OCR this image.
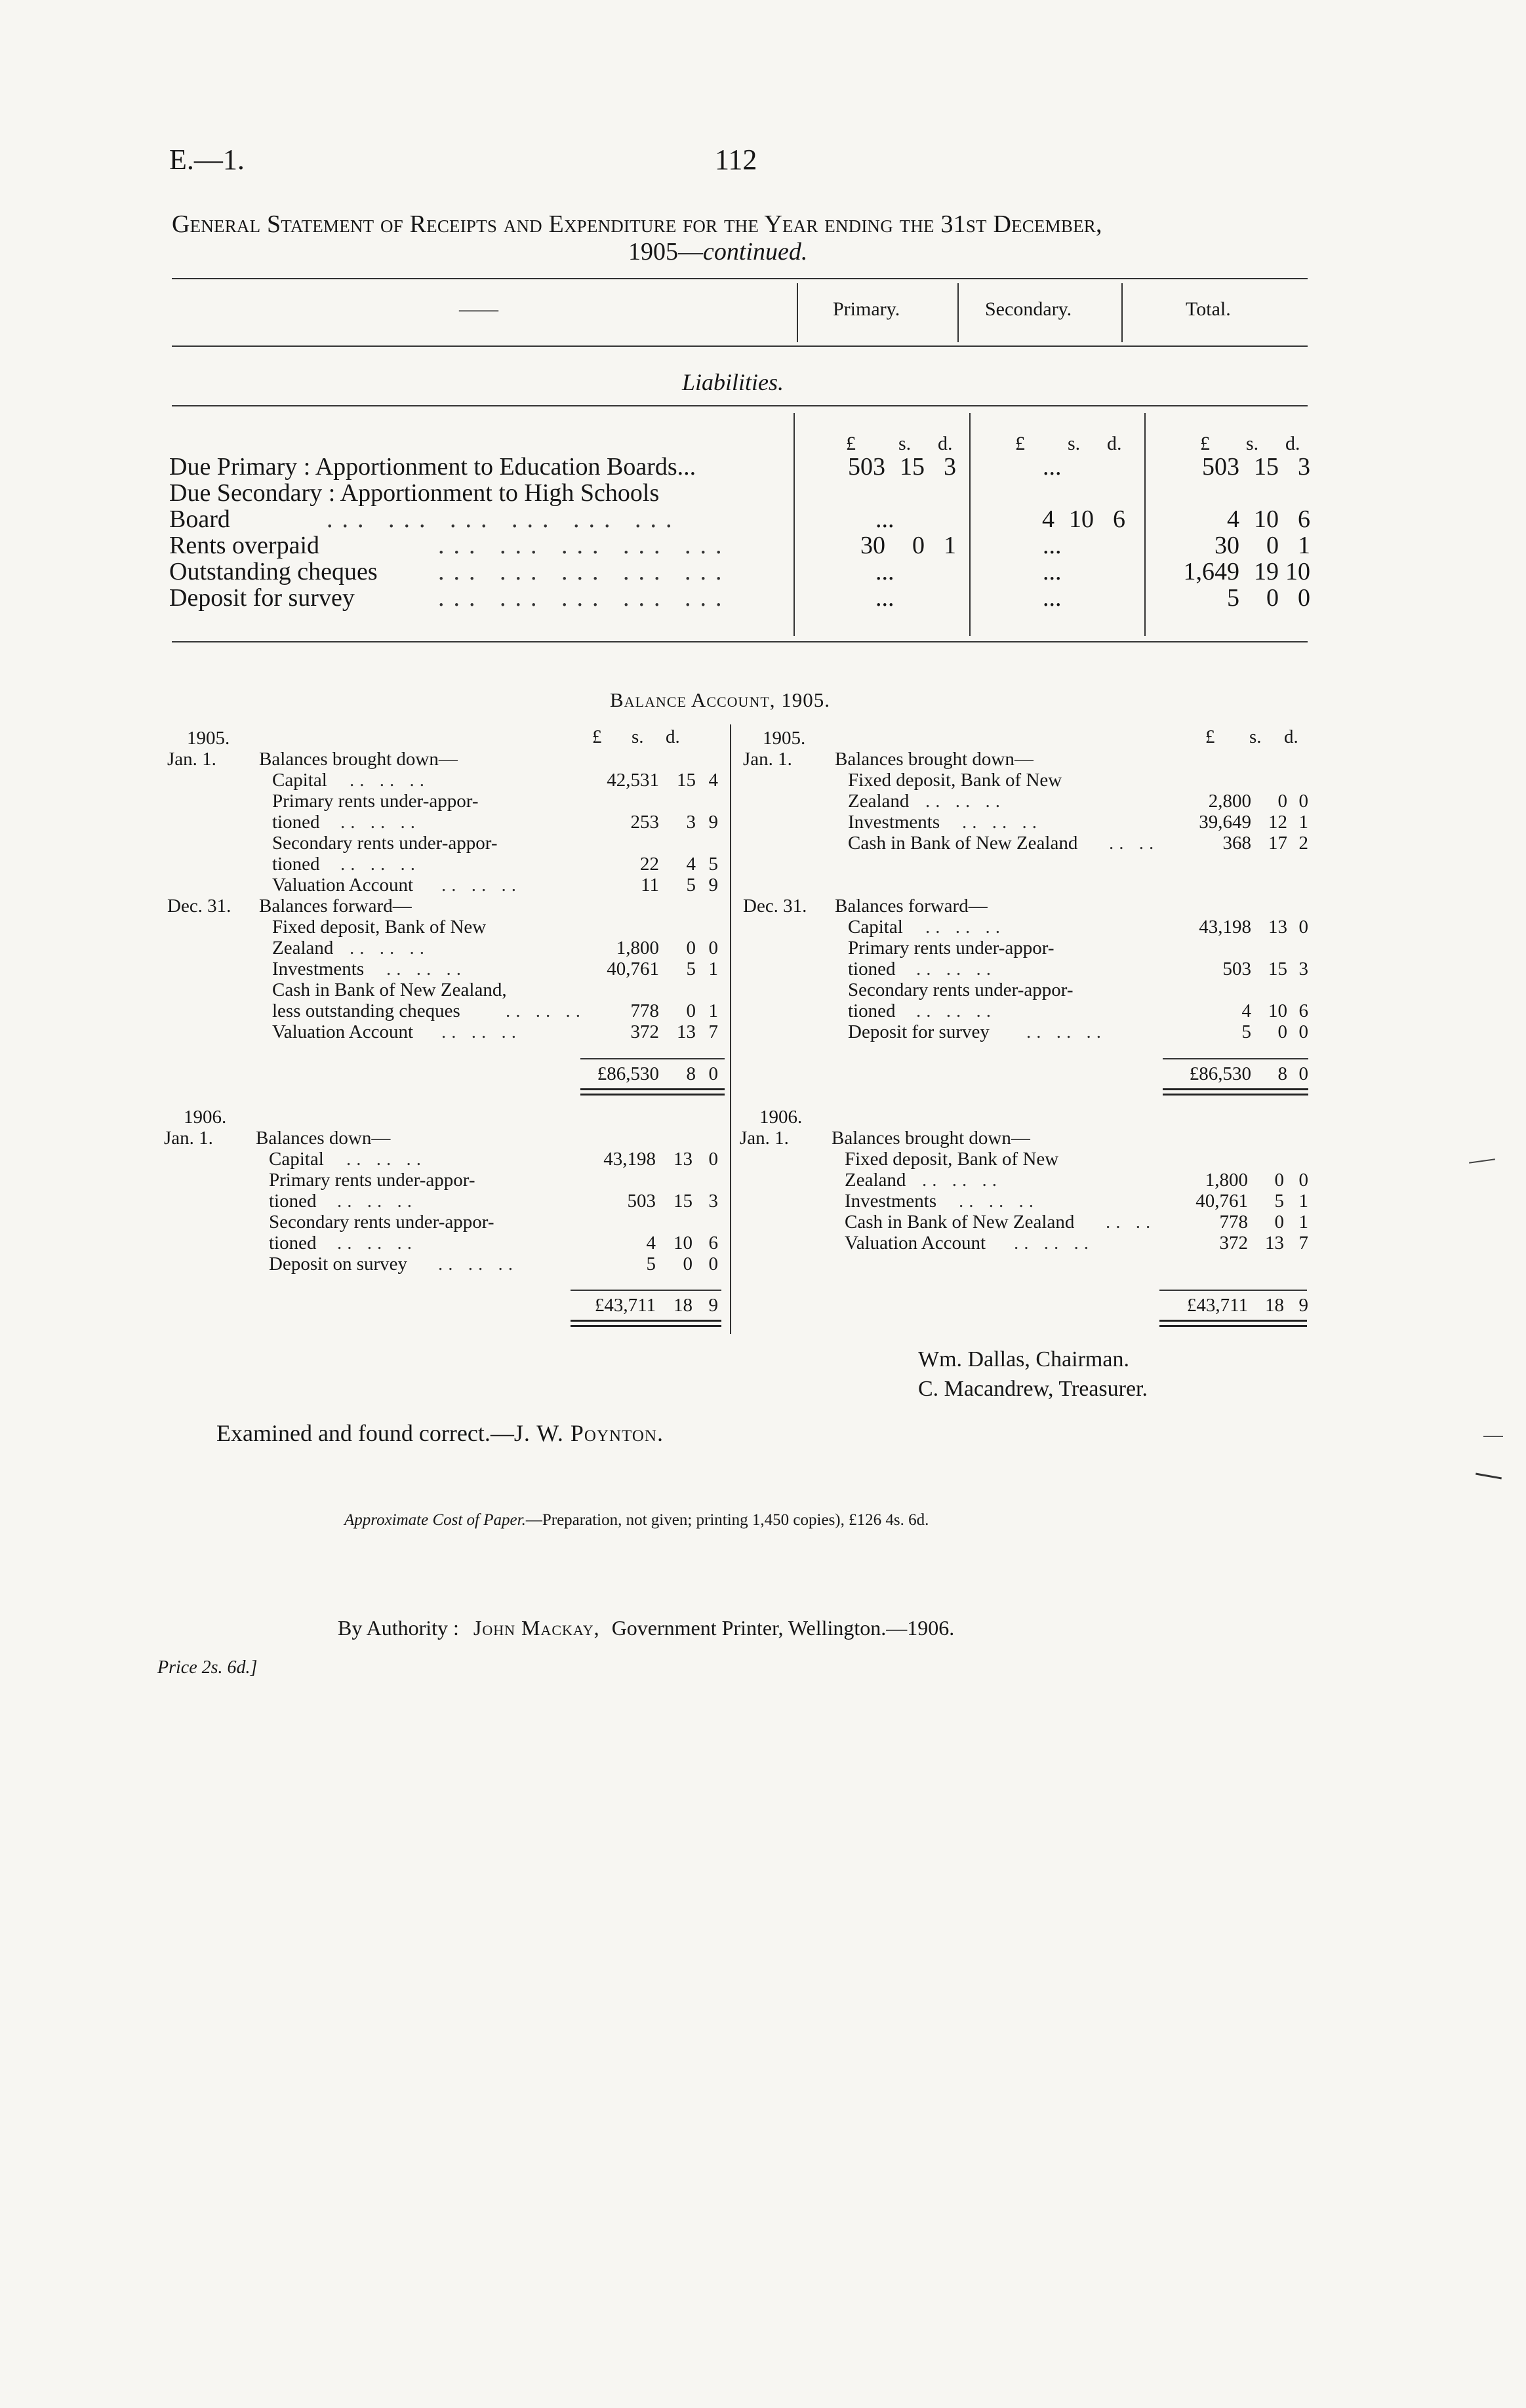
E.—1.	112
General Statement of Receipts and Expenditure for the Year ending the 31st December,
1905—continued.
——	Primary.	Secondary.	Total.
Liabilities.
£ s. d.	£ s. d.	£ s. d.
Due Primary : Apportionment to Education Boards...	503 15 3	...	503 15 3
Due Secondary : Apportionment to High Schools
Board	... ... ... ... ... ...	...	4 10 6	4 10 6
Rents overpaid	... ... ... ... ...	30 0 1	...	30 0 1
Outstanding cheques ... ... ... ... ...	...	...	1,649 19 10
Deposit for survey	... ... ... ... ...	...	...	5 0 0
Balance Account, 1905.
£ s. d.
1905.
Jan. 1. Balances brought down—
Capital .. .. ..	42,531 15 4
Primary rents under-appor-
tioned .. .. ..	253 3 9
Secondary rents under-appor-
tioned .. .. ..	22 4 5
Valuation Account .. .. ..	11 5 9
Dec. 31. Balances forward—
Fixed deposit, Bank of New
Zealand .. .. ..	1,800 0 0
Investments .. .. ..	40,761 5 1
Cash in Bank of New Zealand,
less outstanding cheques .. .. .. 778 0 1
Valuation Account .. .. ..	372 13 7
£86,530 8 0
£ s. d.
1905.
Jan. 1. Balances brought down—
Fixed deposit, Bank of New
Zealand .. .. ..	2,800 0 0
Investments .. .. ..	39,649 12 1
Cash in Bank of New Zealand .. ..	368 17 2
Dec. 31. Balances forward—
Capital .. .. ..	43,198 13 0
Primary rents under-appor-
tioned .. .. ..	503 15 3
Secondary rents under-appor-
tioned .. .. ..	4 10 6
Deposit for survey .. .. ..	5 0 0
£86,530 8 0
1906.
Jan. 1. Balances down—
Capital .. .. ..	43,198 13 0
Primary rents under-appor-
tioned .. .. ..	503 15 3
Secondary rents under-appor-
tioned .. .. ..	4 10 6
Deposit on survey .. .. ..	5 0 0
£43,711 18 9
1906.
Jan. 1. Balances brought down—
Fixed deposit, Bank of New
Zealand .. .. ..	1,800 0 0
Investments .. .. ..	40,761 5 1
Cash in Bank of New Zealand .. ..	778 0 1
Valuation Account .. .. ..	372 13 7
£43,711 18 9
Wm. Dallas, Chairman.
C. Macandrew, Treasurer.
Examined and found correct.—J. W. Poynton.
Approximate Cost of Paper.—Preparation, not given; printing 1,450 copies), £126 4s. 6d.
By Authority : John Mackay, Government Printer, Wellington.—1906.
Price 2s. 6d.]
